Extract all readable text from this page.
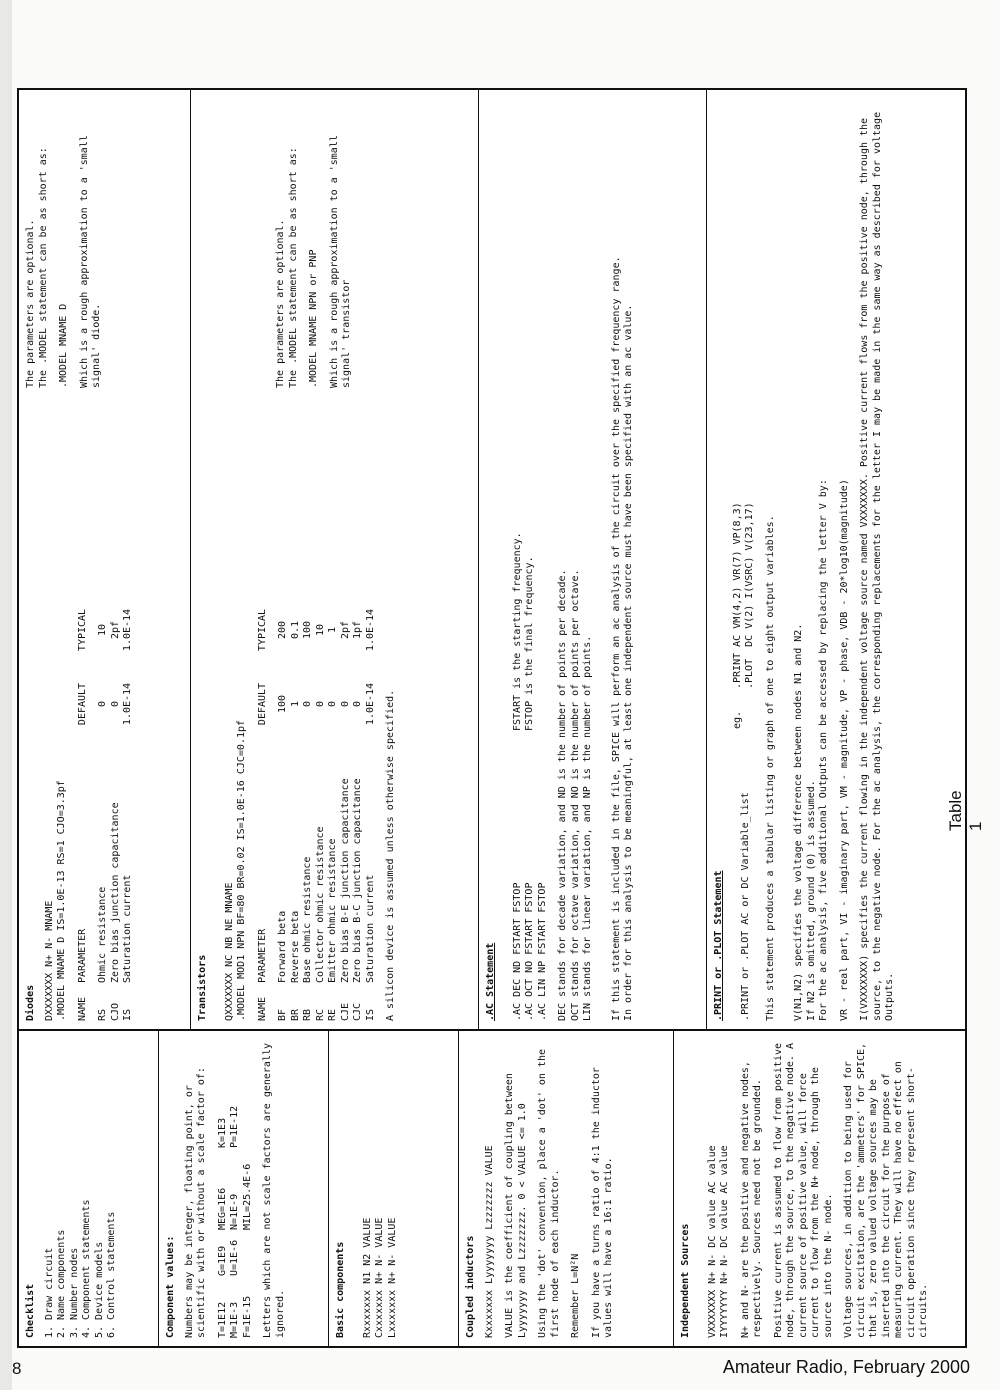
Checklist 1. Draw circuit 2. Name components 3. Number nodes 4. Component statements 5. Device models 6. Control statements	Component values: Numbers may be integer, floating point, or scientific with or without a scale factor of: T=1E12	G=1E9	MEG=1E6	K=1E3
M=1E-3	U=1E-6	N=1E-9	P=1E-12
F=1E-15		MIL=25.4E-6	Letters which are not scale factors are generally ignored.	Basic components Rxxxxxxx N1 N2 VALUE Cxxxxxxx N+ N- VALUE Lxxxxxxx N+ N- VALUE	Coupled inductors Kxxxxxxx Lyyyyyyy Lzzzzzzz VALUE VALUE is the coefficient of coupling between Lyyyyyyy and Lzzzzzzz. 0 < VALUE <= 1.0 Using the 'dot' convention, place a 'dot' on the first node of each inductor. Remember L=N²N If you have a turns ratio of 4:1 the inductor values will have a 16:1 ratio.	Independent Sources VXXXXXXX N+ N- DC value AC value IYYYYYYY N+ N- DC value AC value N+ and N- are the positive and negative nodes, respectively. Sources need not be grounded. Positive current is assumed to flow from positive node, through the source, to the negative node. A current source of positive value, will force current to flow from the N+ node, through the source into the N- node. Voltage sources, in addition to being used for circuit excitation, are the 'ammeters' for SPICE, that is, zero valued voltage sources may be inserted into the circuit for the purpose of measuring current. They will have no effect on circuit operation since they represent short-circuits.
Diodes DXXXXXXX N+ N- MNAME .MODEL MNAME D IS=1.0E-13 RS=1 CJO=3.3pf NAME	PARAMETER	DEFAULT	TYPICAL

RS	Ohmic resistance	0	10
CJO	Zero bias junction capacitance	0	2pf
IS	Saturation current	1.0E-14	1.0E-14
The parameters are optional. The .MODEL statement can be as short as: .MODEL MNAME D Which is a rough approximation to a 'small signal' diode.
Transistors QXXXXXXX NC NB NE MNAME .MODEL MOD1 NPN BF=80 BR=0.02 IS=1.0E-16 CJC=0.1pf NAME	PARAMETER	DEFAULT	TYPICAL

BF	Forward beta	100	200
BR	Reverse beta	1	0.1
RB	Base ohmic resistance	0	100
RC	Collector ohmic resistance	0	10
RE	Emitter ohmic resistance	0	1
CJE	Zero bias B-E junction capacitance	0	2pf
CJC	Zero bias B-C junction capacitance	0	1pf
IS	Saturation current	1.0E-14	1.0E-14
A silicon device is assumed unless otherwise specified.
The parameters are optional. The .MODEL statement can be as short as: .MODEL MNAME NPN or PNP Which is a rough approximation to a 'small signal' transistor
.AC Statement .AC DEC ND FSTART FSTOP .AC OCT NO FSTART FSTOP .AC LIN NP FSTART FSTOP
FSTART is the starting frequency. FSTOP is the final frequency. DEC stands for decade variation, and ND is the number of points per decade. OCT stands for octave variation, and NO is the number of points per octave. LIN stands for linear variation, and NP is the number of points. If this statement is included in the file, SPICE will perform an ac analysis of the circuit over the specified frequency range. In order for this analysis to be meaningful, at least one independent source must have been specified with an ac value.	.PRINT or .PLOT Statement .PRINT or .PLOT AC or DC Variable_list
eg.
.PRINT AC VM(4,2) VR(7) VP(8,3) .PLOT  DC V(2) I(VSRC) V(23,17) This statement produces a tabular listing or graph of one to eight output variables. V(N1,N2) specifies the voltage difference between nodes N1 and N2. If N2 is omitted, ground (0) is assumed. For the ac analysis, five additional Outputs can be accessed by replacing the letter V by: VR - real part, VI - imaginary part, VM - magnitude, VP - phase, VDB - 20*log10(magnitude) I(VXXXXXXX) specifies the current flowing in the independent voltage source named VXXXXXXX. Positive current flows from the positive node, through the source, to the negative node. For the ac analysis, the corresponding replacements for the letter I may be made in the same way as described for voltage Outputs.
Table 1
8	Amateur Radio, February 2000
